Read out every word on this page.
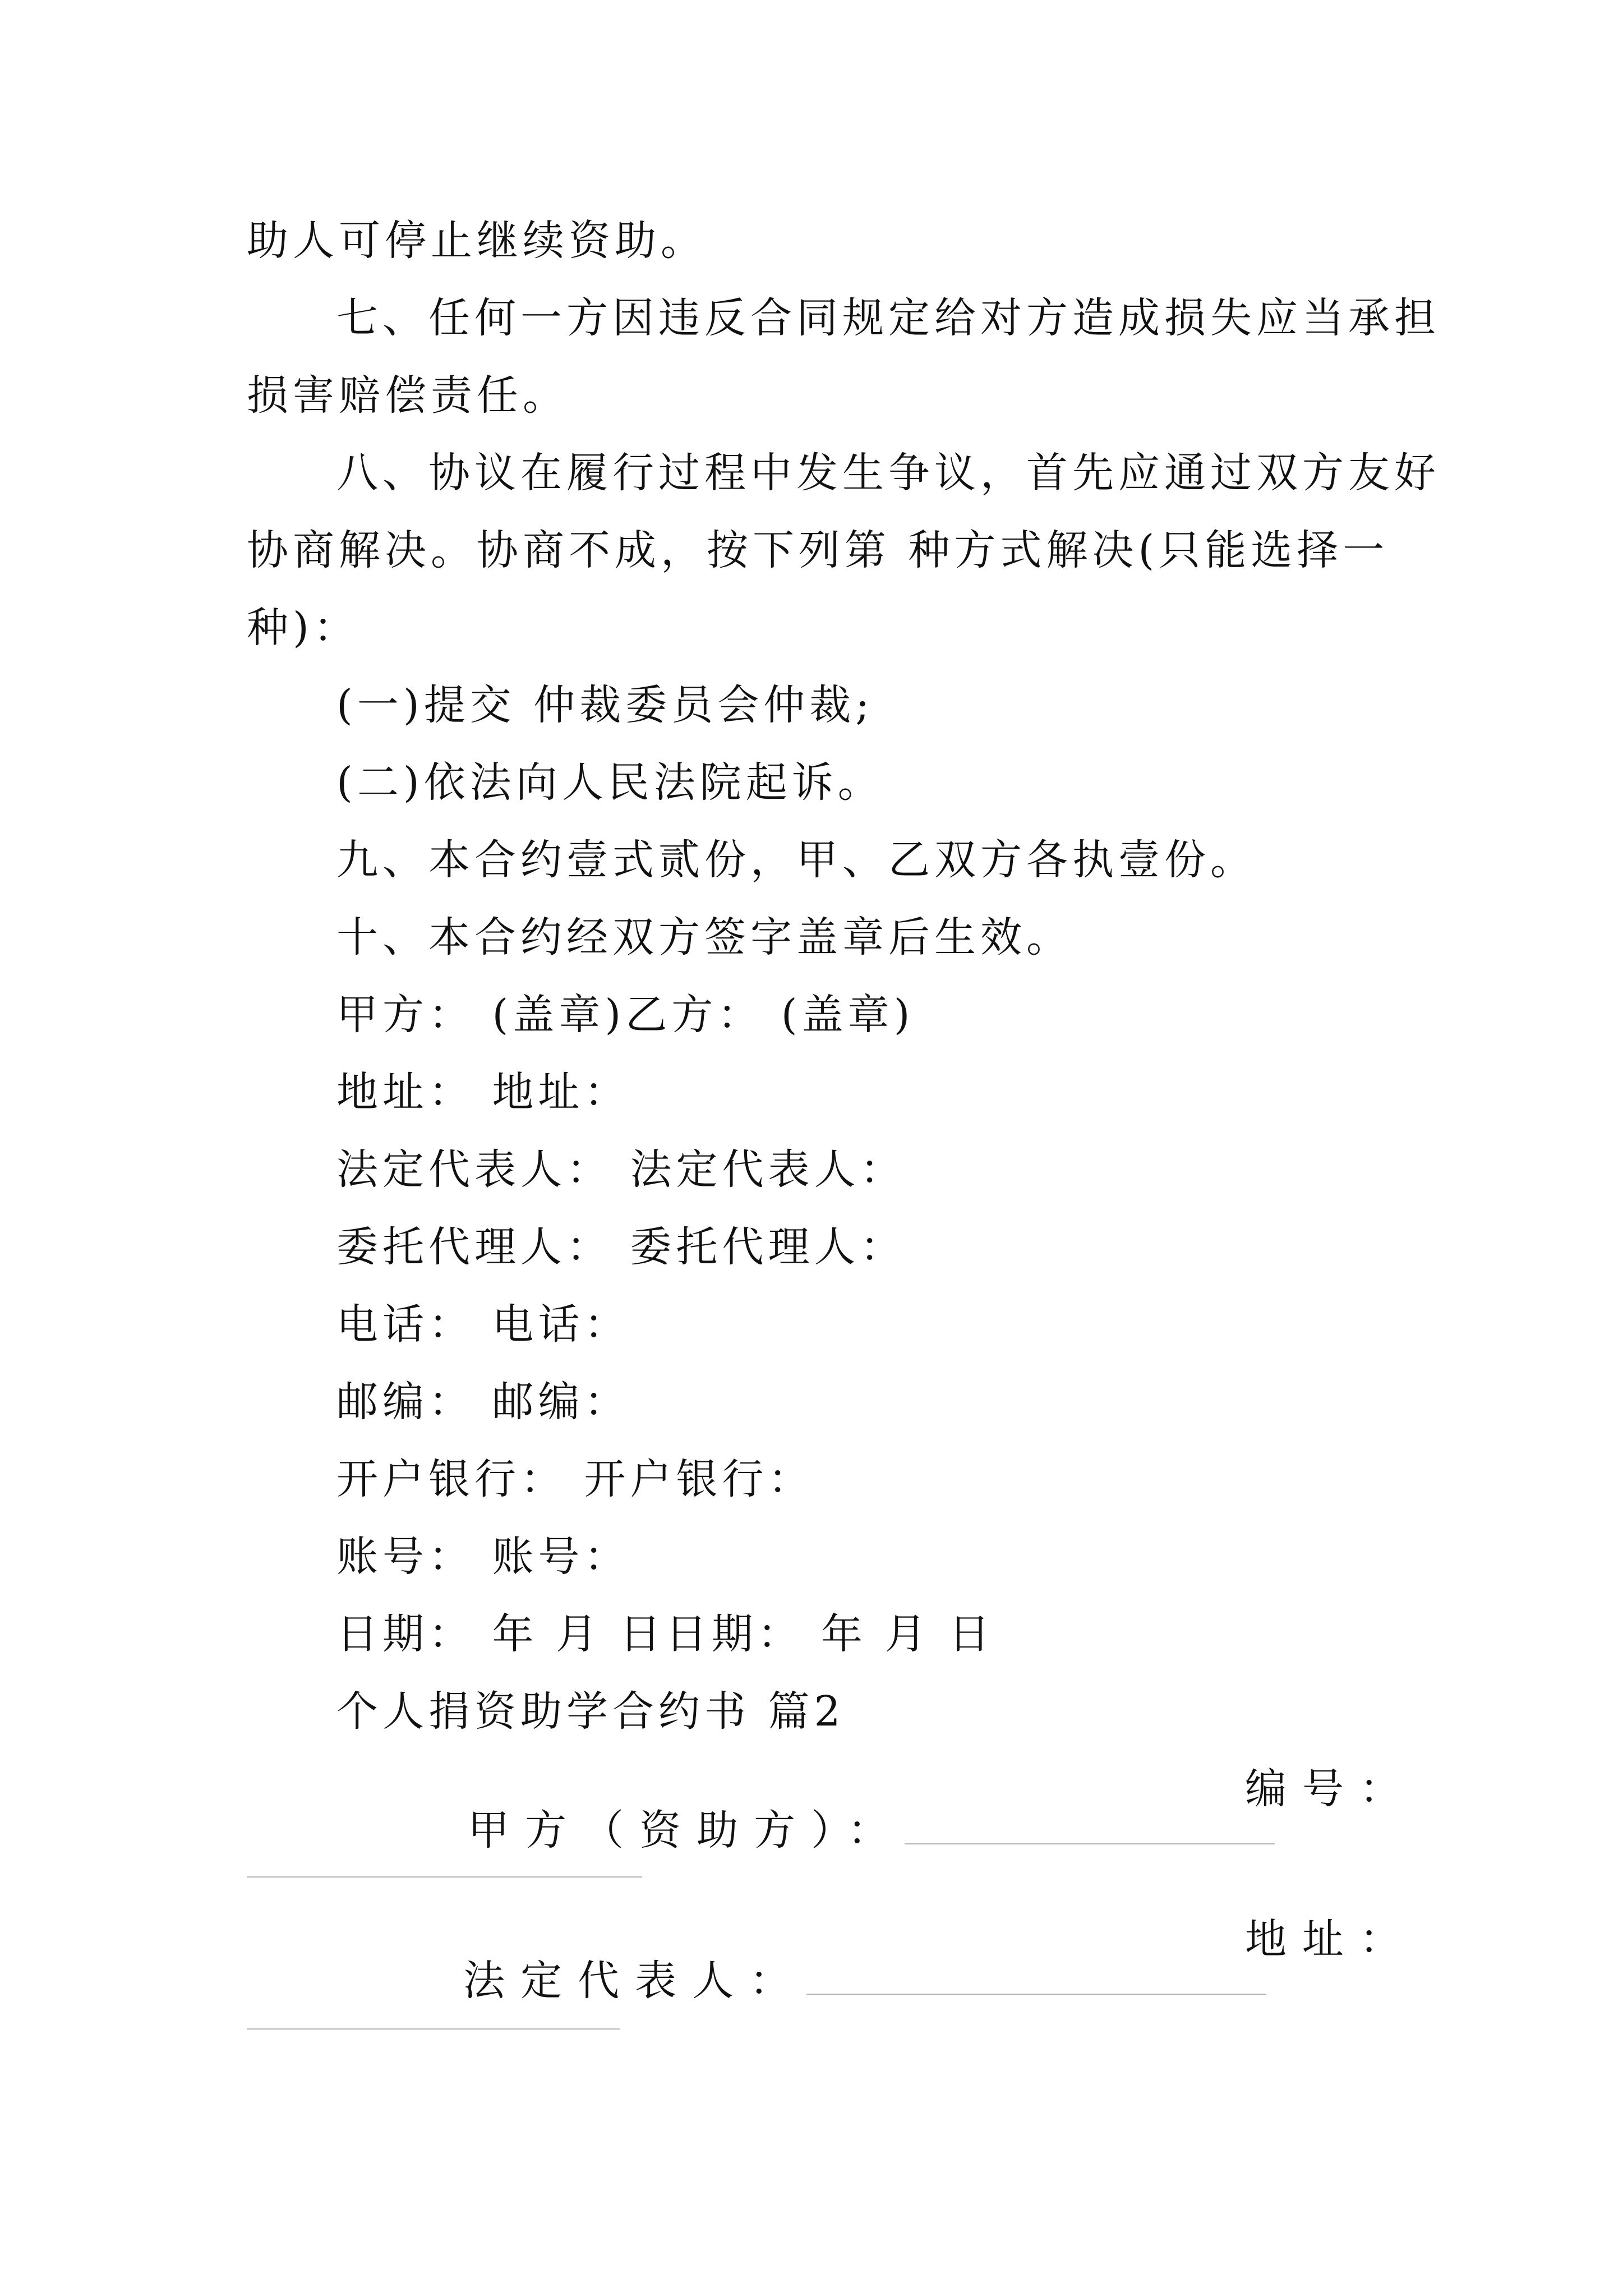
助人可停止继续资助。
七、任何一方因违反合同规定给对方造成损失应当承担
损害赔偿责任。
八、协议在履行过程中发生争议，首先应通过双方友好
协商解决。协商不成，按下列第 种方式解决(只能选择一
种)：
(一)提交 仲裁委员会仲裁;
(二)依法向人民法院起诉。
九、本合约壹式贰份，甲、乙双方各执壹份。
十、本合约经双方签字盖章后生效。
甲方： (盖章)乙方： (盖章)
地址： 地址：
法定代表人： 法定代表人：
委托代理人： 委托代理人：
电话： 电话：
邮编： 邮编：
开户银行： 开户银行：
账号： 账号：
日期： 年 月 日日期： 年 月 日
个人捐资助学合约书 篇2

甲方（资助方）：

编号：

法定代表人：

地址：
